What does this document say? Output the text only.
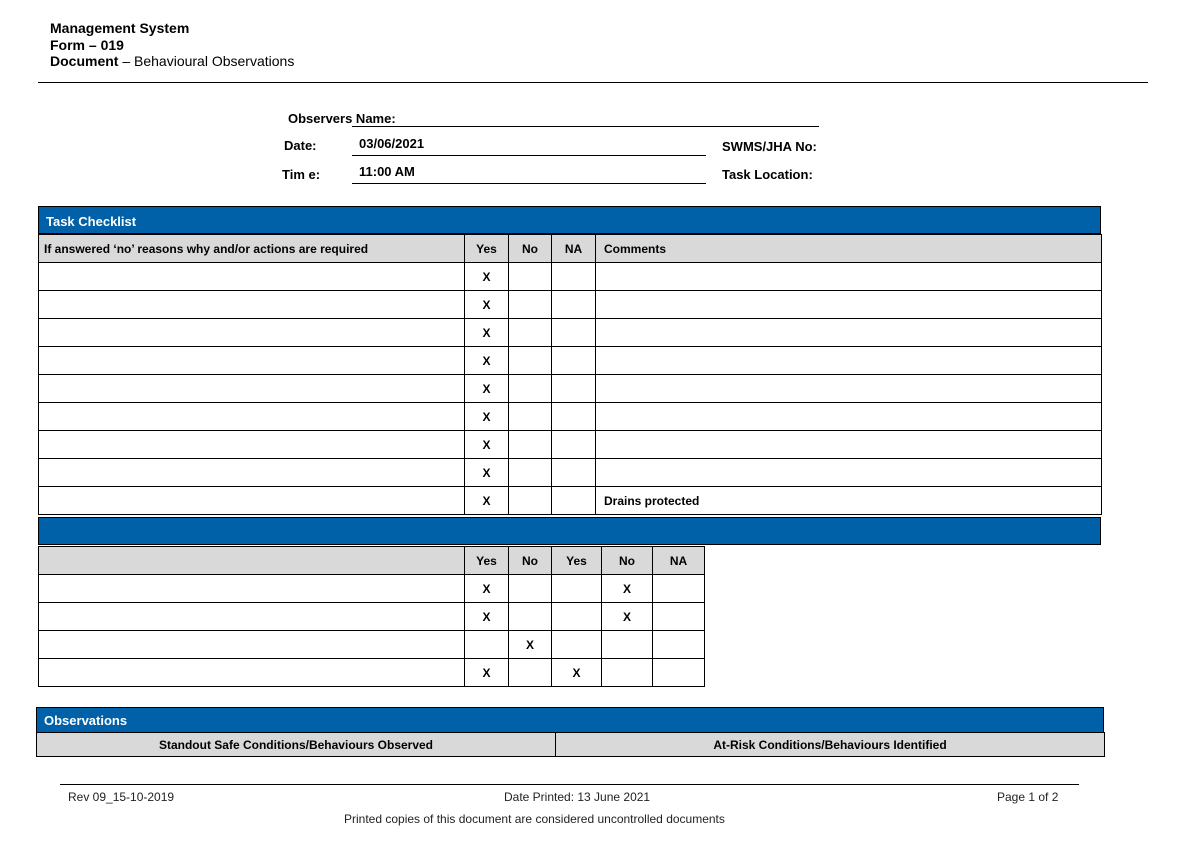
Management System
Form – 019
Document – Behavioural Observations
Observers Name:
Date:	03/06/2021
Tim e:	11:00 AM
SWMS/JHA No:
Task Location:
Task Checklist
If answered ‘no’ reasons why and/or actions are required	Yes	No	NA	Comments
	X			
	X			
	X			
	X			
	X			
	X			
	X			
	X			
	X			Drains protected
	Yes	No	Yes	No	NA
	X			X	
	X			X	
		X			
	X		X		
Observations
Standout Safe Conditions/Behaviours Observed	At-Risk Conditions/Behaviours Identified
Rev 09_15-10-2019	Date Printed: 13 June 2021	Page 1 of 2
Printed copies of this document are considered uncontrolled documents
